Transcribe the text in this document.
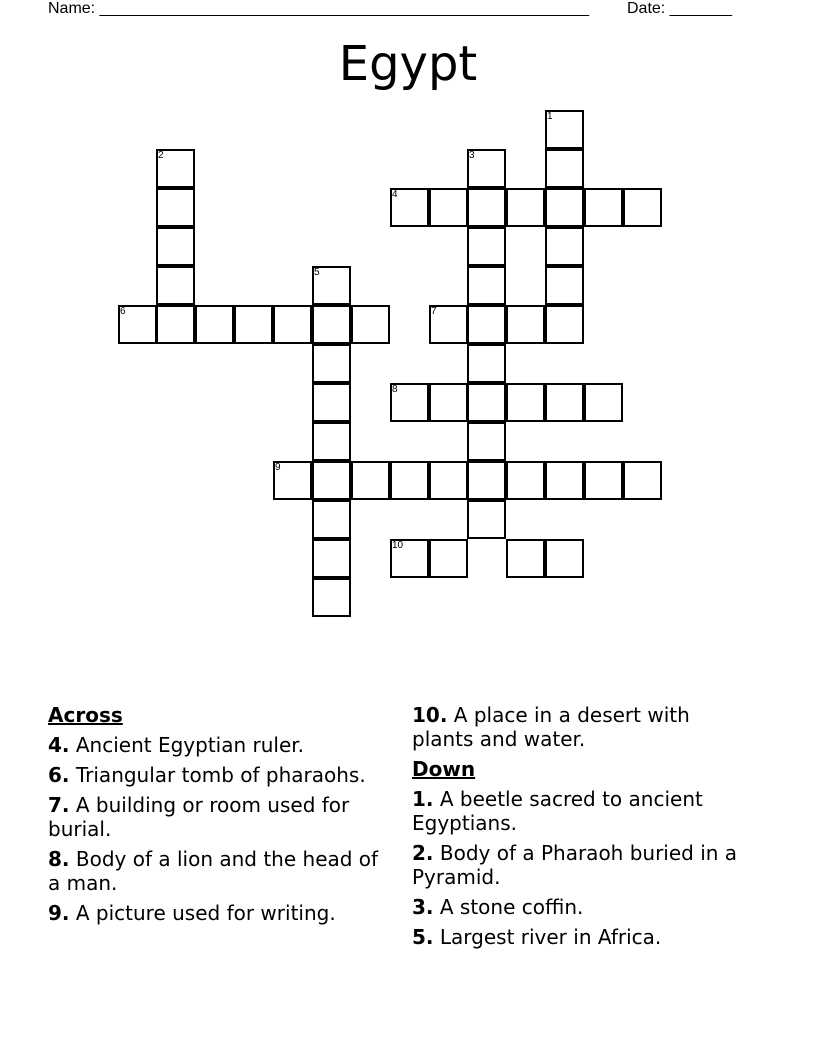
Name: _______________________________________________________ Date: _______
Egypt
1
2	3
4
5
6	7
8
9
10
Across
4. Ancient Egyptian ruler.
6. Triangular tomb of pharaohs.
7. A building or room used for burial.
8. Body of a lion and the head of a man.
9. A picture used for writing.
10. A place in a desert with plants and water.
Down
1. A beetle sacred to ancient Egyptians.
2. Body of a Pharaoh buried in a Pyramid.
3. A stone coffin.
5. Largest river in Africa.
